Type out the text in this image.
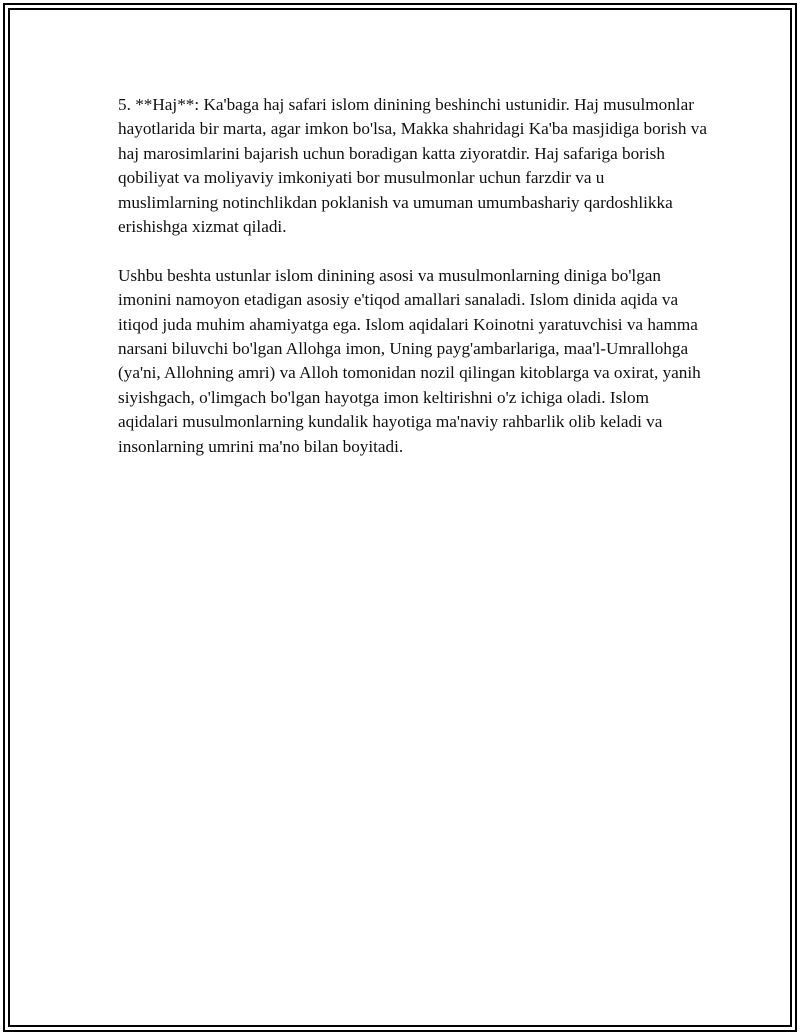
5. **Haj**: Ka'baga haj safari islom dinining beshinchi ustunidir. Haj musulmonlar hayotlarida bir marta, agar imkon bo'lsa, Makka shahridagi Ka'ba masjidiga borish va haj marosimlarini bajarish uchun boradigan katta ziyoratdir. Haj safariga borish qobiliyat va moliyaviy imkoniyati bor musulmonlar uchun farzdir va u muslimlarning notinchlikdan poklanish va umuman umumbashariy qardoshlikka erishishga xizmat qiladi.

Ushbu beshta ustunlar islom dinining asosi va musulmonlarning diniga bo'lgan imonini namoyon etadigan asosiy e'tiqod amallari sanaladi. Islom dinida aqida va itiqod juda muhim ahamiyatga ega. Islom aqidalari Koinotni yaratuvchisi va hamma narsani biluvchi bo'lgan Allohga imon, Uning payg'ambarlariga, maa'l-Umrallohga (ya'ni, Allohning amri) va Alloh tomonidan nozil qilingan kitoblarga va oxirat, yanih siyishgach, o'limgach bo'lgan hayotga imon keltirishni o'z ichiga oladi. Islom aqidalari musulmonlarning kundalik hayotiga ma'naviy rahbarlik olib keladi va insonlarning umrini ma'no bilan boyitadi.
